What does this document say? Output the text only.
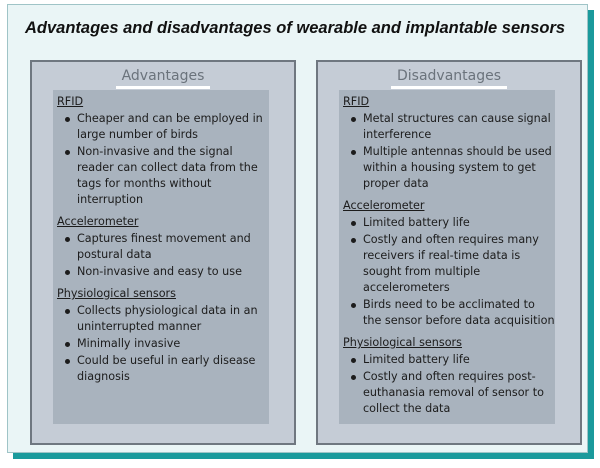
Advantages and disadvantages of wearable and implantable sensors
Advantages
RFID
Cheaper and can be employed in large number of birds
Non-invasive and the signal reader can collect data from the tags for months without interruption
Accelerometer
Captures finest movement and postural data
Non-invasive and easy to use
Physiological sensors
Collects physiological data in an uninterrupted manner
Minimally invasive
Could be useful in early disease diagnosis
Disadvantages
RFID
Metal structures can cause signal interference
Multiple antennas should be used within a housing system to get proper data
Accelerometer
Limited battery life
Costly and often requires many receivers if real-time data is sought from multiple accelerometers
Birds need to be acclimated to the sensor before data acquisition
Physiological sensors
Limited battery life
Costly and often requires post-euthanasia removal of sensor to collect the data
